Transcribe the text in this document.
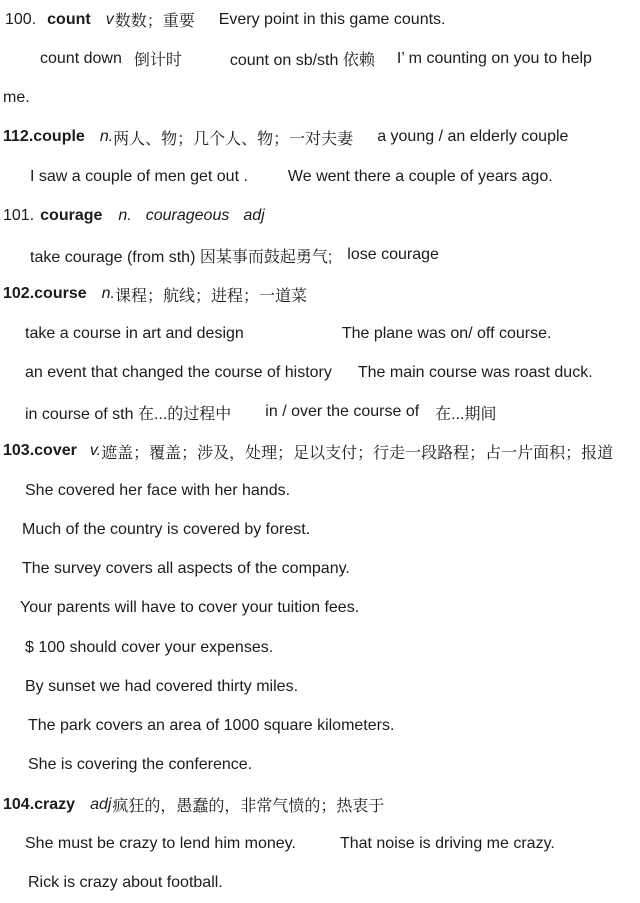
100. count v 数数；重要 Every point in this game counts.
count down 倒计时	count on sb/sth 依赖 I’ m counting on you to help
me.
112.couple n. 两人、物；几个人、物；一对夫妻 a young / an elderly couple
I saw a couple of men get out .	We went there a couple of years ago.
101. courage n. courageous adj
take courage (from sth) 因某事而鼓起勇气; lose courage
102.course n. 课程；航线；进程；一道菜
take a course in art and design	The plane was on/ off course.
an event that changed the course of history The main course was roast duck.
in course of sth 在...的过程中 in / over the course of 在...期间
103.cover v. 遮盖；覆盖；涉及，处理；足以支付；行走一段路程；占一片面积；报道
She covered her face with her hands.
Much of the country is covered by forest.
The survey covers all aspects of the company.
Your parents will have to cover your tuition fees.
$ 100 should cover your expenses.
By sunset we had covered thirty miles.
The park covers an area of 1000 square kilometers.
She is covering the conference.
104.crazy adj 疯狂的，愚蠢的，非常气愤的；热衷于
She must be crazy to lend him money.	That noise is driving me crazy.
Rick is crazy about football.
